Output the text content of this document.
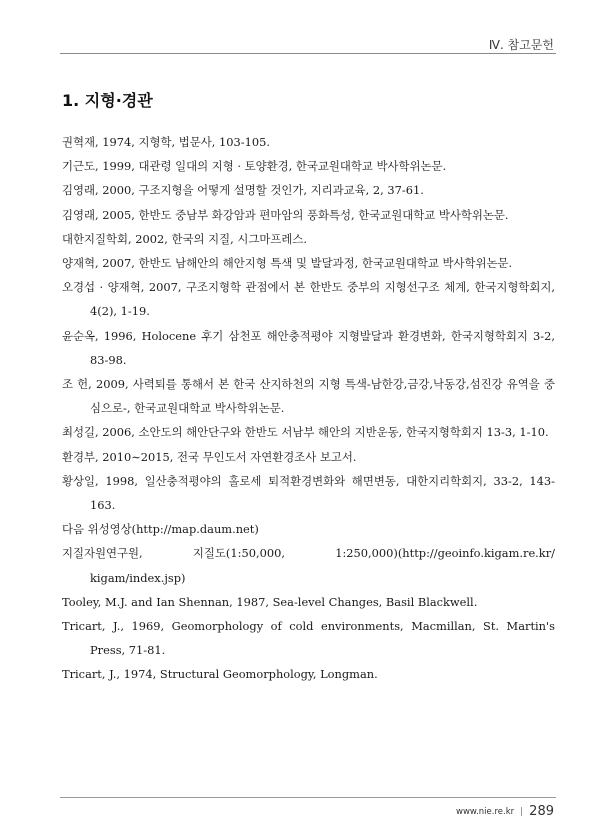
Ⅳ. 참고문헌
1. 지형·경관
권혁재, 1974, 지형학, 법문사, 103-105.
기근도, 1999, 대관령 일대의 지형 · 토양환경, 한국교원대학교 박사학위논문.
김영래, 2000, 구조지형을 어떻게 설명할 것인가, 지리과교육, 2, 37-61.
김영래, 2005, 한반도 중남부 화강암과 편마암의 풍화특성, 한국교원대학교 박사학위논문.
대한지질학회, 2002, 한국의 지질, 시그마프레스.
양재혁, 2007, 한반도 남해안의 해안지형 특색 및 발달과정, 한국교원대학교 박사학위논문.
오경섭 · 양재혁, 2007, 구조지형학 관점에서 본 한반도 중부의 지형선구조 체계, 한국지형학회지, 4(2), 1-19.
윤순옥, 1996, Holocene 후기 삼천포 해안충적평야 지형발달과 환경변화, 한국지형학회지 3-2, 83-98.
조 헌, 2009, 사력퇴를 통해서 본 한국 산지하천의 지형 특색-남한강,금강,낙동강,섬진강 유역을 중심으로-, 한국교원대학교 박사학위논문.
최성길, 2006, 소안도의 해안단구와 한반도 서남부 해안의 지반운동, 한국지형학회지 13-3, 1-10.
환경부, 2010∼2015, 전국 무인도서 자연환경조사 보고서.
황상일, 1998, 일산충적평야의 홀로세 퇴적환경변화와 해면변동, 대한지리학회지, 33-2, 143-163.
다음 위성영상(http://map.daum.net)
지질자원연구원, 지질도(1:50,000, 1:250,000)(http://geoinfo.kigam.re.kr/ kigam/index.jsp)
Tooley, M.J. and Ian Shennan, 1987, Sea-level Changes, Basil Blackwell.
Tricart, J., 1969, Geomorphology of cold environments, Macmillan, St. Martin's Press, 71-81.
Tricart, J., 1974, Structural Geomorphology, Longman.
www.nie.re.kr | 289
